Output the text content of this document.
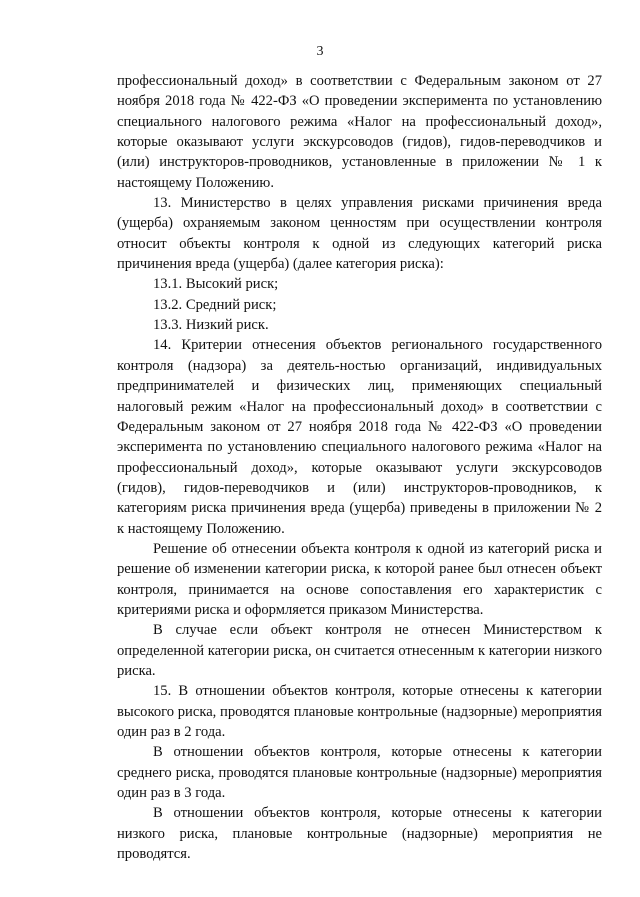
3

профессиональный доход» в соответствии с Федеральным законом от 27 ноября 2018 года № 422-ФЗ «О проведении эксперимента по установлению специального налогового режима «Налог на профессиональный доход», которые оказывают услуги экскурсоводов (гидов), гидов-переводчиков и (или) инструкторов-проводников, установленные в приложении № 1 к настоящему Положению.

13. Министерство в целях управления рисками причинения вреда (ущерба) охраняемым законом ценностям при осуществлении контроля относит объекты контроля к одной из следующих категорий риска причинения вреда (ущерба) (далее категория риска):

13.1. Высокий риск;

13.2. Средний риск;

13.3. Низкий риск.

14. Критерии отнесения объектов регионального государственного контроля (надзора) за деятель-ностью организаций, индивидуальных предпринимателей и физических лиц, применяющих специальный налоговый режим «Налог на профессиональный доход» в соответствии с Федеральным законом от 27 ноября 2018 года № 422-ФЗ «О проведении эксперимента по установлению специального налогового режима «Налог на профессиональный доход», которые оказывают услуги экскурсоводов (гидов), гидов-переводчиков и (или) инструкторов-проводников, к категориям риска причинения вреда (ущерба) приведены в приложении № 2 к настоящему Положению.

Решение об отнесении объекта контроля к одной из категорий риска и решение об изменении категории риска, к которой ранее был отнесен объект контроля, принимается на основе сопоставления его характеристик с критериями риска и оформляется приказом Министерства.

В случае если объект контроля не отнесен Министерством к определенной категории риска, он считается отнесенным к категории низкого риска.

15. В отношении объектов контроля, которые отнесены к категории высокого риска, проводятся плановые контрольные (надзорные) мероприятия один раз в 2 года.

В отношении объектов контроля, которые отнесены к категории среднего риска, проводятся плановые контрольные (надзорные) мероприятия один раз в 3 года.

В отношении объектов контроля, которые отнесены к категории низкого риска, плановые контрольные (надзорные) мероприятия не проводятся.
